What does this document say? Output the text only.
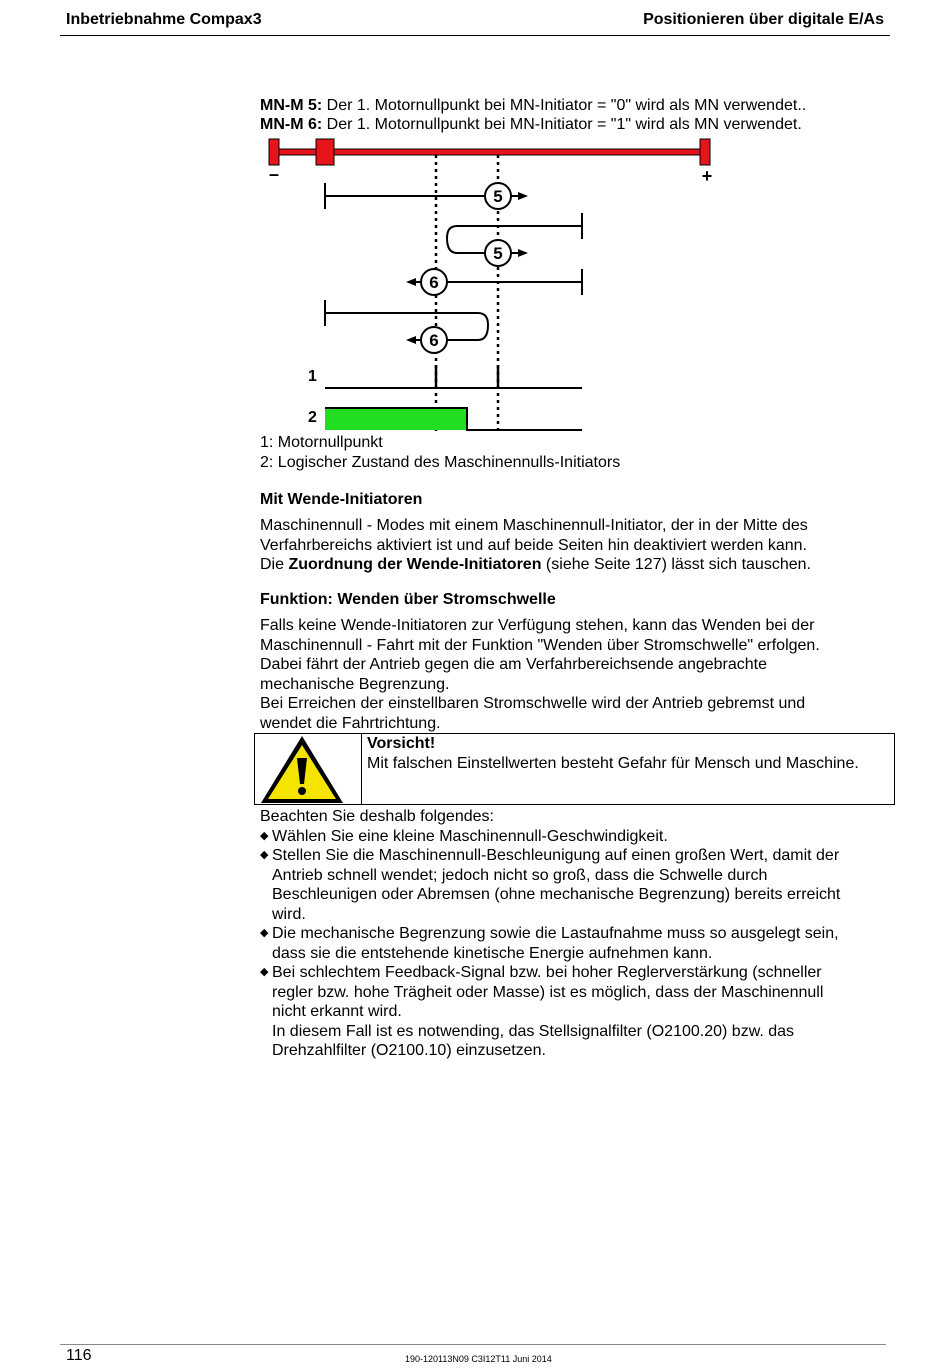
Inbetriebnahme Compax3	Positionieren über digitale E/As
MN-M 5: Der 1. Motornullpunkt bei MN-Initiator = "0" wird als MN verwendet..
MN-M 6: Der 1. Motornullpunkt bei MN-Initiator = "1" wird als MN verwendet.
–	+
5
5
6
6
1
2
1: Motornullpunkt
2: Logischer Zustand des Maschinennulls-Initiators
Mit Wende-Initiatoren
Maschinennull - Modes mit einem Maschinennull-Initiator, der in der Mitte des
Verfahrbereichs aktiviert ist und auf beide Seiten hin deaktiviert werden kann.
Die Zuordnung der Wende-Initiatoren (siehe Seite 127) lässt sich tauschen.
Funktion: Wenden über Stromschwelle
Falls keine Wende-Initiatoren zur Verfügung stehen, kann das Wenden bei der
Maschinennull - Fahrt mit der Funktion "Wenden über Stromschwelle" erfolgen.
Dabei fährt der Antrieb gegen die am Verfahrbereichsende angebrachte
mechanische Begrenzung.
Bei Erreichen der einstellbaren Stromschwelle wird der Antrieb gebremst und
wendet die Fahrtrichtung.
Vorsicht!
Mit falschen Einstellwerten besteht Gefahr für Mensch und Maschine.
Beachten Sie deshalb folgendes:
◆ Wählen Sie eine kleine Maschinennull-Geschwindigkeit.
◆ Stellen Sie die Maschinennull-Beschleunigung auf einen großen Wert, damit der
Antrieb schnell wendet; jedoch nicht so groß, dass die Schwelle durch
Beschleunigen oder Abremsen (ohne mechanische Begrenzung) bereits erreicht
wird.
◆ Die mechanische Begrenzung sowie die Lastaufnahme muss so ausgelegt sein,
dass sie die entstehende kinetische Energie aufnehmen kann.
◆ Bei schlechtem Feedback-Signal bzw. bei hoher Reglerverstärkung (schneller
regler bzw. hohe Trägheit oder Masse) ist es möglich, dass der Maschinennull
nicht erkannt wird.
In diesem Fall ist es notwending, das Stellsignalfilter (O2100.20) bzw. das
Drehzahlfilter (O2100.10) einzusetzen.
116	190-120113N09 C3I12T11 Juni 2014
